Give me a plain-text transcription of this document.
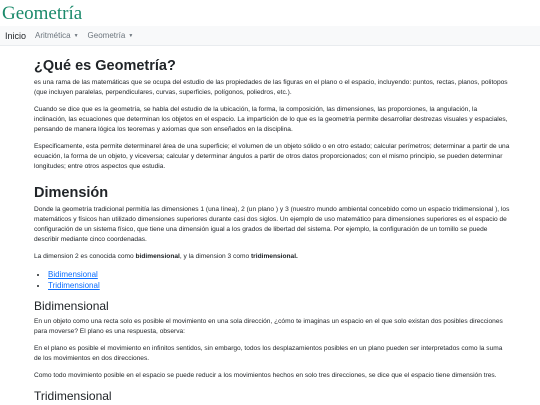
Geometría
Inicio Aritmética ▼ Geometría ▼
¿Qué es Geometría?

es una rama de las matemáticas que se ocupa del estudio de las propiedades de las figuras en el plano o el espacio, incluyendo: puntos, rectas, planos, politopos (que incluyen paralelas, perpendiculares, curvas, superficies, polígonos, poliedros, etc.).

Cuando se dice que es la geometría, se habla del estudio de la ubicación, la forma, la composición, las dimensiones, las proporciones, la angulación, la inclinación, las ecuaciones que determinan los objetos en el espacio. La impartición de lo que es la geometría permite desarrollar destrezas visuales y espaciales, pensando de manera lógica los teoremas y axiomas que son enseñados en la disciplina.

Especificamente, esta permite determinarel área de una superficie; el volumen de un objeto sólido o en otro estado; calcular perímetros; determinar a partir de una ecuación, la forma de un objeto, y viceversa; calcular y determinar ángulos a partir de otros datos proporcionados; con el mismo principio, se pueden determinar longitudes; entre otros aspectos que estudia.

Dimensión

Donde la geometría tradicional permitía las dimensiones 1 (una línea), 2 (un plano ) y 3 (nuestro mundo ambiental concebido como un espacio tridimensional ), los matemáticos y físicos han utilizado dimensiones superiores durante casi dos siglos. Un ejemplo de uso matemático para dimensiones superiores es el espacio de configuración de un sistema físico, que tiene una dimensión igual a los grados de libertad del sistema. Por ejemplo, la configuración de un tornillo se puede describir mediante cinco coordenadas.

La dimension 2 es conocida como bidimensional, y la dimension 3 como tridimensional.

• Bidimensional
• Tridimensional
Bidimensional

En un objeto como una recta solo es posible el movimiento en una sola dirección, ¿cómo te imaginas un espacio en el que solo existan dos posibles direcciones para moverse? El plano es una respuesta, observa:

En el plano es posible el movimiento en infinitos sentidos, sin embargo, todos los desplazamientos posibles en un plano pueden ser interpretados como la suma de los movimientos en dos direcciones.

Como todo movimiento posible en el espacio se puede reducir a los movimientos hechos en solo tres direcciones, se dice que el espacio tiene dimensión tres.

Tridimensional
